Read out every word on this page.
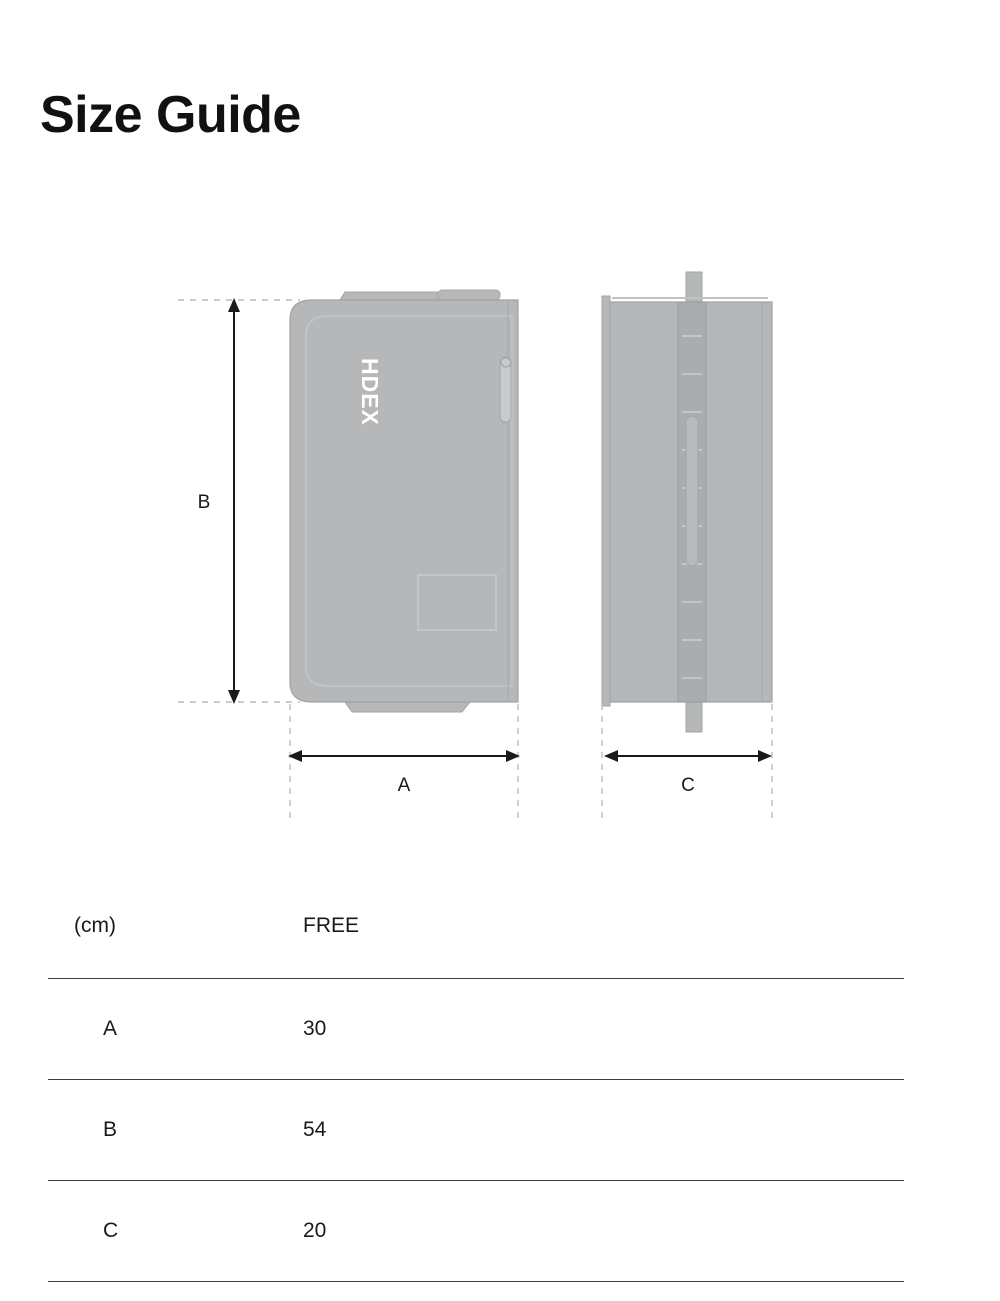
Size Guide
HDEX
B
A	C
(cm)	FREE
A	30
B	54
C	20
